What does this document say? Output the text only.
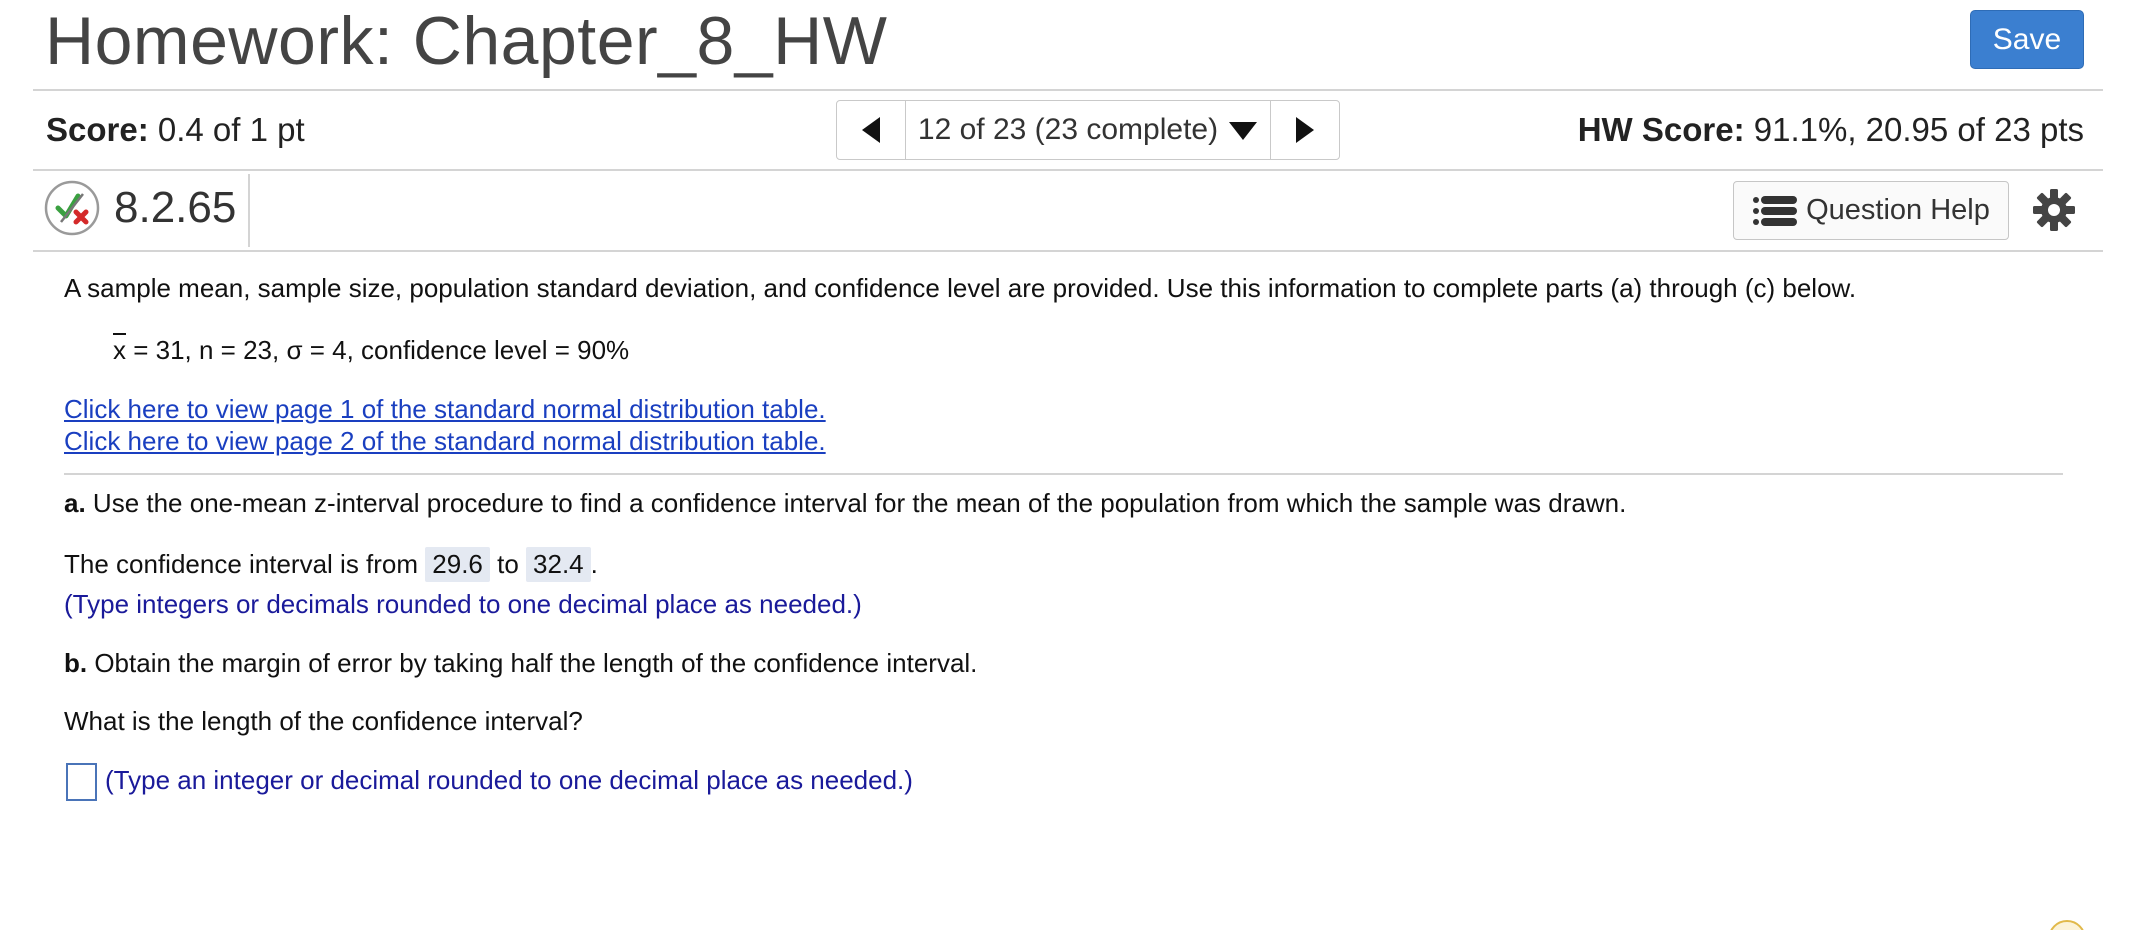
Homework: Chapter_8_HW	Save
Score: 0.4 of 1 pt	12 of 23 (23 complete)	HW Score: 91.1%, 20.95 of 23 pts
8.2.65	Question Help
A sample mean, sample size, population standard deviation, and confidence level are provided. Use this information to complete parts (a) through (c) below.
$\overline{x} = 31$, n = 23, σ = 4, confidence level = 90%
Click here to view page 1 of the standard normal distribution table.
Click here to view page 2 of the standard normal distribution table.
a. Use the one-mean z-interval procedure to find a confidence interval for the mean of the population from which the sample was drawn.
The confidence interval is from 29.6 to 32.4 .
(Type integers or decimals rounded to one decimal place as needed.)
b. Obtain the margin of error by taking half the length of the confidence interval.
What is the length of the confidence interval?
(Type an integer or decimal rounded to one decimal place as needed.)
